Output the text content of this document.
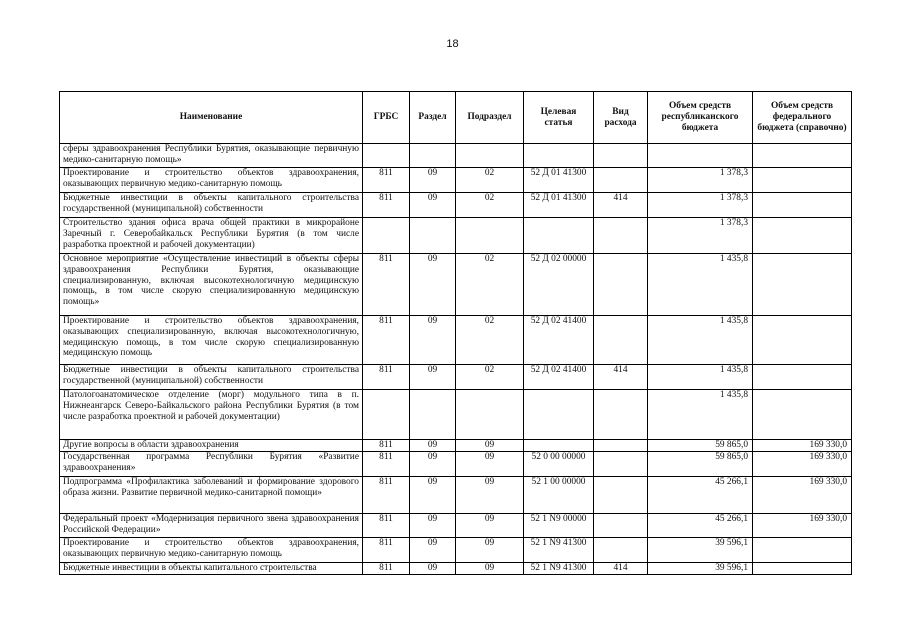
18
Наименование	ГРБС	Раздел	Подраздел	Целевая статья	Вид расхода	Объем средств республиканского бюджета	Объем средств федерального бюджета (справочно)
сферы здравоохранения Республики Бурятия, оказывающие первичную медико-санитарную помощь»							
Проектирование и строительство объектов здравоохранения, оказывающих первичную медико-санитарную помощь	811	09	02	52 Д 01 41300		1 378,3	
Бюджетные инвестиции в объекты капитального строительства государственной (муниципальной) собственности	811	09	02	52 Д 01 41300	414	1 378,3	
Строительство здания офиса врача общей практики в микрорайоне Заречный г. Северобайкальск Республики Бурятия (в том числе разработка проектной и рабочей документации)						1 378,3	
Основное мероприятие «Осуществление инвестиций в объекты сферы здравоохранения Республики Бурятия, оказывающие специализированную, включая высокотехнологичную медицинскую помощь, в том числе скорую специализированную медицинскую помощь»	811	09	02	52 Д 02 00000		1 435,8	
Проектирование и строительство объектов здравоохранения, оказывающих специализированную, включая высокотехнологичную, медицинскую помощь, в том числе скорую специализированную медицинскую помощь	811	09	02	52 Д 02 41400		1 435,8	
Бюджетные инвестиции в объекты капитального строительства государственной (муниципальной) собственности	811	09	02	52 Д 02 41400	414	1 435,8	
Патологоанатомическое отделение (морг) модульного типа в п. Нижнеангарск Северо-Байкальского района Республики Бурятия (в том числе разработка проектной и рабочей документации)						1 435,8	
Другие вопросы в области здравоохранения	811	09	09			59 865,0	169 330,0
Государственная программа Республики Бурятия «Развитие здравоохранения»	811	09	09	52 0 00 00000		59 865,0	169 330,0
Подпрограмма «Профилактика заболеваний и формирование здорового образа жизни. Развитие первичной медико-санитарной помощи»	811	09	09	52 1 00 00000		45 266,1	169 330,0
Федеральный проект «Модернизация первичного звена здравоохранения Российской Федерации»	811	09	09	52 1 N9 00000		45 266,1	169 330,0
Проектирование и строительство объектов здравоохранения, оказывающих первичную медико-санитарную помощь	811	09	09	52 1 N9 41300		39 596,1	
Бюджетные инвестиции в объекты капитального строительства	811	09	09	52 1 N9 41300	414	39 596,1	
